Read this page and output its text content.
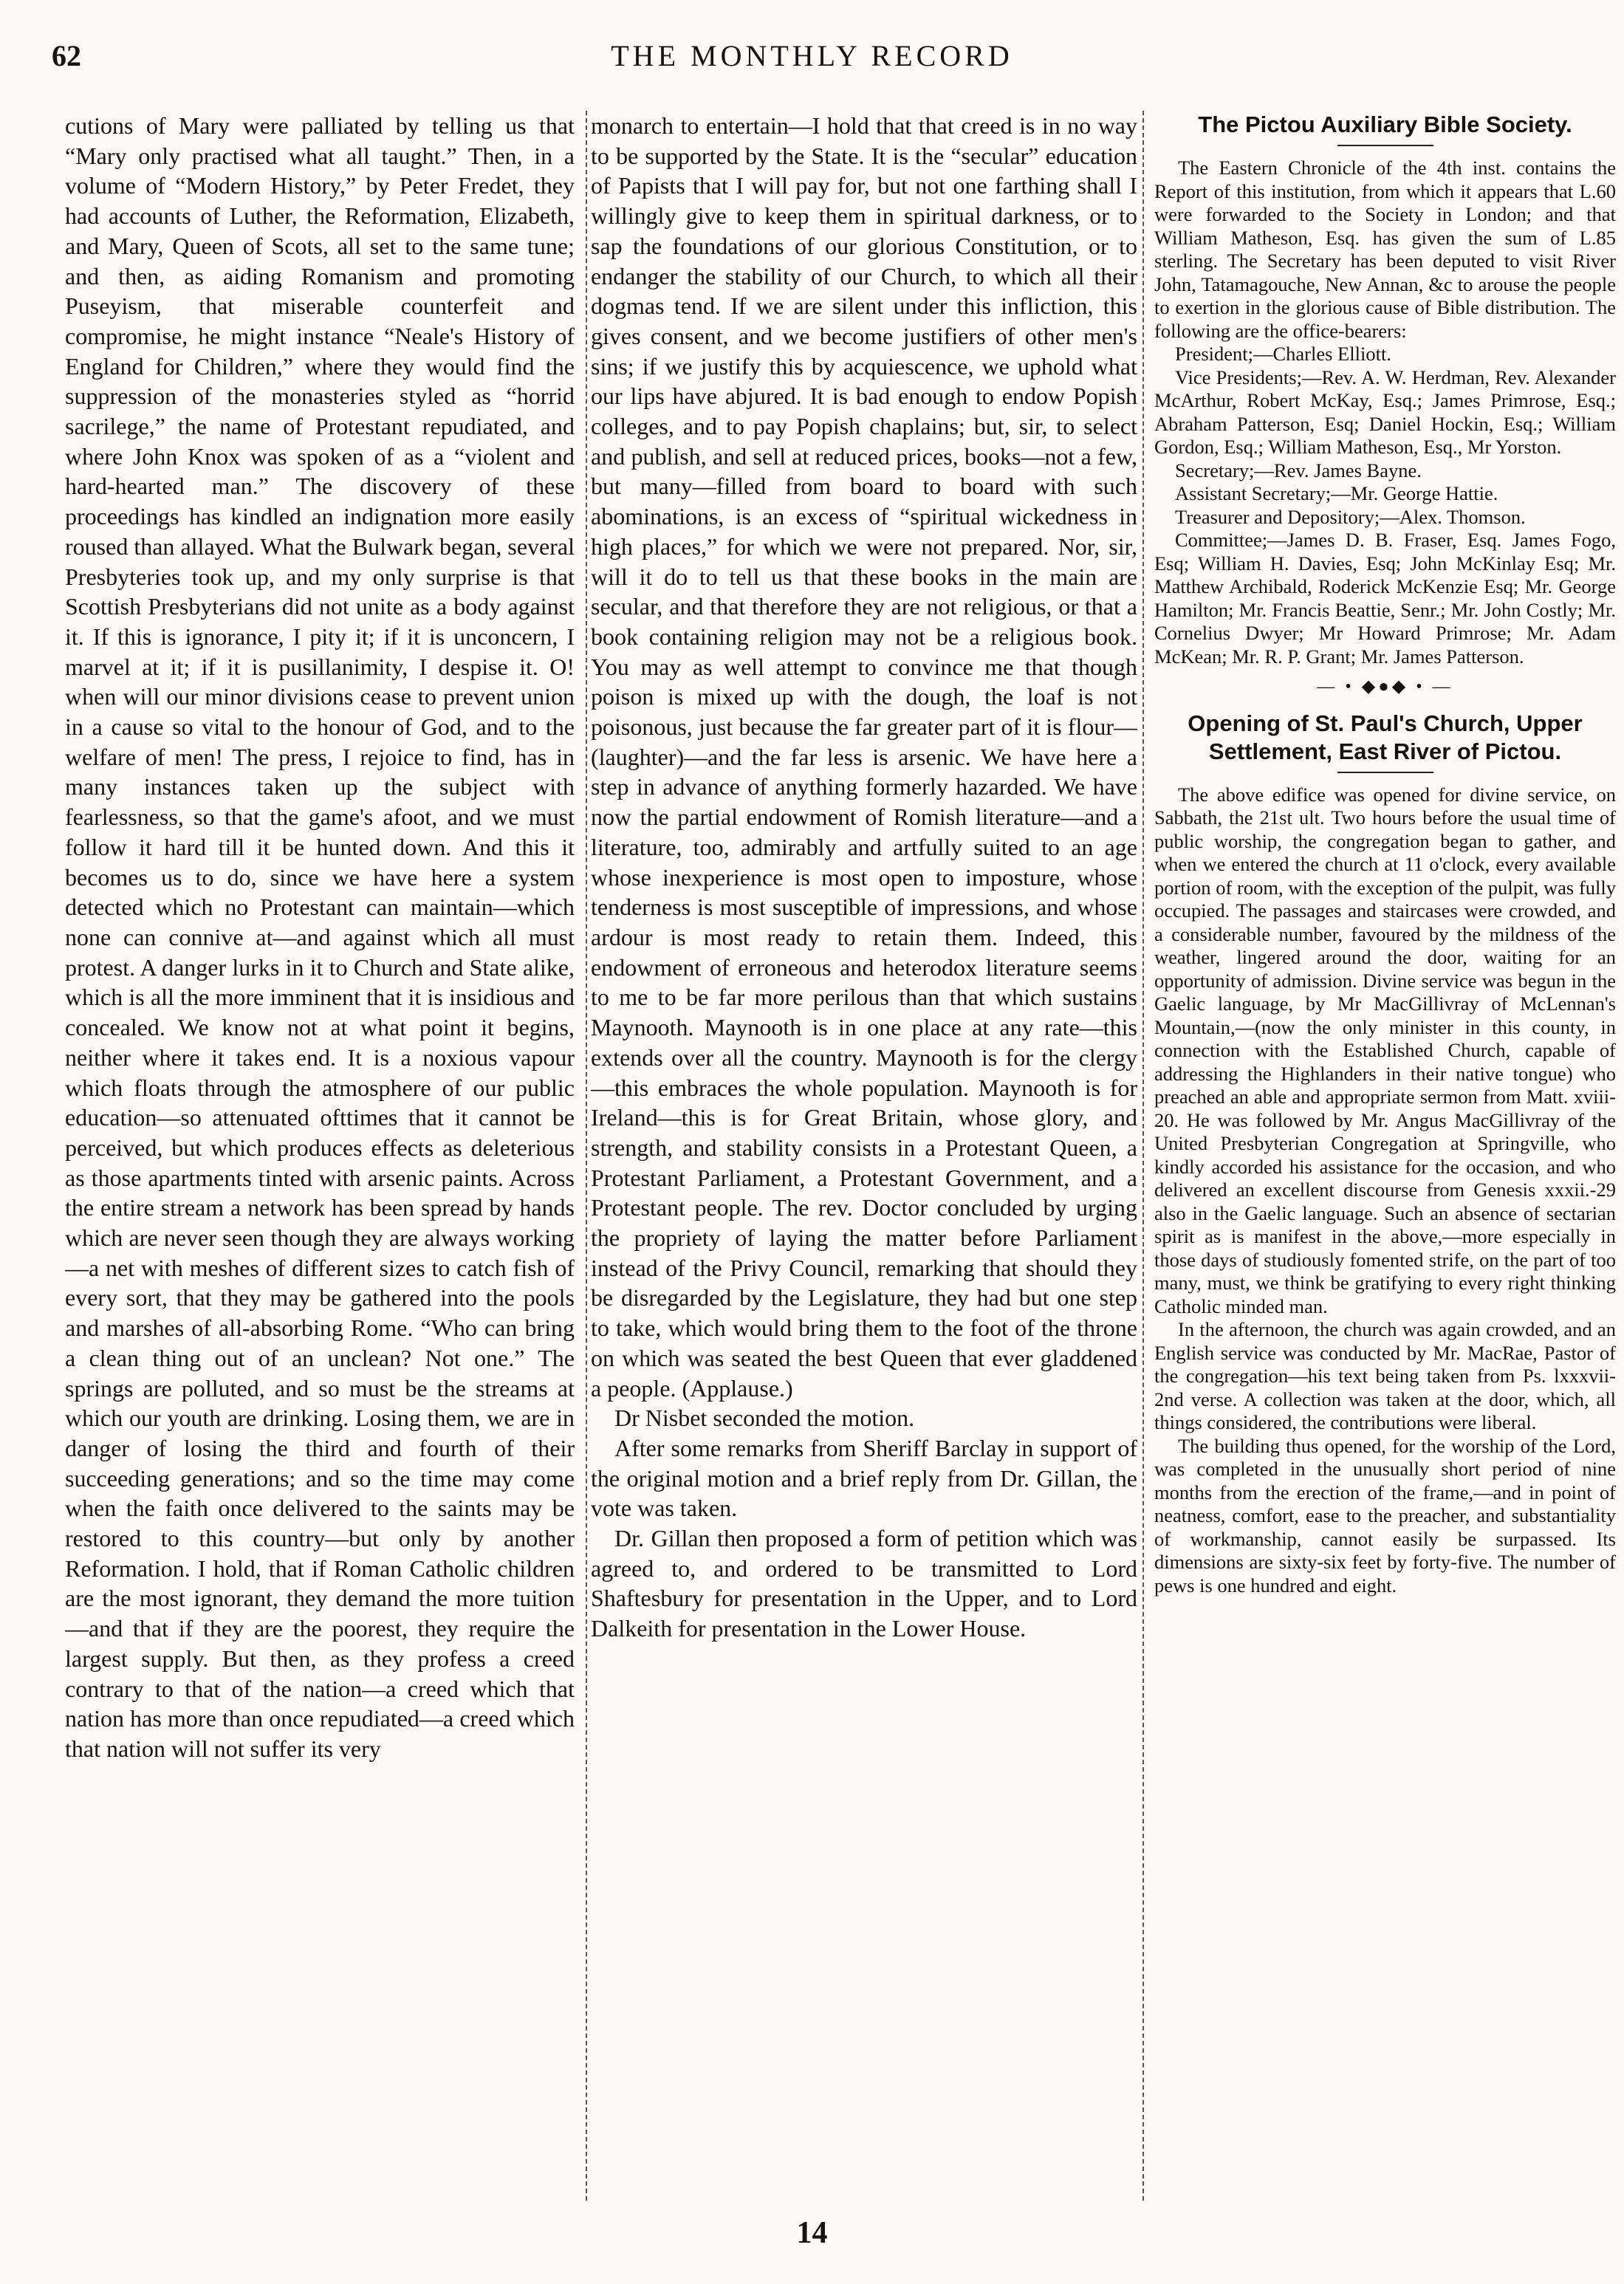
62	THE MONTHLY RECORD

cutions of Mary were palliated by telling us that “Mary only practised what all taught.” Then, in a volume of “Modern History,” by Peter Fredet, they had accounts of Luther, the Reformation, Elizabeth, and Mary, Queen of Scots, all set to the same tune; and then, as aiding Romanism and promoting Puseyism, that miserable counterfeit and compromise, he might instance “Neale's History of England for Children,” where they would find the suppression of the monasteries styled as “horrid sacrilege,” the name of Protestant repudiated, and where John Knox was spoken of as a “violent and hard-hearted man.” The discovery of these proceedings has kindled an indignation more easily roused than allayed. What the Bulwark began, several Presbyteries took up, and my only surprise is that Scottish Presbyterians did not unite as a body against it. If this is ignorance, I pity it; if it is unconcern, I marvel at it; if it is pusillanimity, I despise it. O! when will our minor divisions cease to prevent union in a cause so vital to the honour of God, and to the welfare of men! The press, I rejoice to find, has in many instances taken up the subject with fearlessness, so that the game's afoot, and we must follow it hard till it be hunted down. And this it becomes us to do, since we have here a system detected which no Protestant can maintain—which none can connive at—and against which all must protest. A danger lurks in it to Church and State alike, which is all the more imminent that it is insidious and concealed. We know not at what point it begins, neither where it takes end. It is a noxious vapour which floats through the atmosphere of our public education—so attenuated ofttimes that it cannot be perceived, but which produces effects as deleterious as those apartments tinted with arsenic paints. Across the entire stream a network has been spread by hands which are never seen though they are always working—a net with meshes of different sizes to catch fish of every sort, that they may be gathered into the pools and marshes of all-absorbing Rome. “Who can bring a clean thing out of an unclean? Not one.” The springs are polluted, and so must be the streams at which our youth are drinking. Losing them, we are in danger of losing the third and fourth of their succeeding generations; and so the time may come when the faith once delivered to the saints may be restored to this country—but only by another Reformation. I hold, that if Roman Catholic children are the most ignorant, they demand the more tuition—and that if they are the poorest, they require the largest supply. But then, as they profess a creed contrary to that of the nation—a creed which that nation has more than once repudiated—a creed which that nation will not suffer its very

monarch to entertain—I hold that that creed is in no way to be supported by the State. It is the “secular” education of Papists that I will pay for, but not one farthing shall I willingly give to keep them in spiritual darkness, or to sap the foundations of our glorious Constitution, or to endanger the stability of our Church, to which all their dogmas tend. If we are silent under this infliction, this gives consent, and we become justifiers of other men's sins; if we justify this by acquiescence, we uphold what our lips have abjured. It is bad enough to endow Popish colleges, and to pay Popish chaplains; but, sir, to select and publish, and sell at reduced prices, books—not a few, but many—filled from board to board with such abominations, is an excess of “spiritual wickedness in high places,” for which we were not prepared. Nor, sir, will it do to tell us that these books in the main are secular, and that therefore they are not religious, or that a book containing religion may not be a religious book. You may as well attempt to convince me that though poison is mixed up with the dough, the loaf is not poisonous, just because the far greater part of it is flour—(laughter)—and the far less is arsenic. We have here a step in advance of anything formerly hazarded. We have now the partial endowment of Romish literature—and a literature, too, admirably and artfully suited to an age whose inexperience is most open to imposture, whose tenderness is most susceptible of impressions, and whose ardour is most ready to retain them. Indeed, this endowment of erroneous and heterodox literature seems to me to be far more perilous than that which sustains Maynooth. Maynooth is in one place at any rate—this extends over all the country. Maynooth is for the clergy—this embraces the whole population. Maynooth is for Ireland—this is for Great Britain, whose glory, and strength, and stability consists in a Protestant Queen, a Protestant Parliament, a Protestant Government, and a Protestant people. The rev. Doctor concluded by urging the propriety of laying the matter before Parliament instead of the Privy Council, remarking that should they be disregarded by the Legislature, they had but one step to take, which would bring them to the foot of the throne on which was seated the best Queen that ever gladdened a people. (Applause.)

Dr Nisbet seconded the motion.

After some remarks from Sheriff Barclay in support of the original motion and a brief reply from Dr. Gillan, the vote was taken.

Dr. Gillan then proposed a form of petition which was agreed to, and ordered to be transmitted to Lord Shaftesbury for presentation in the Upper, and to Lord Dalkeith for presentation in the Lower House.

The Pictou Auxiliary Bible Society.

The Eastern Chronicle of the 4th inst. contains the Report of this institution, from which it appears that L.60 were forwarded to the Society in London; and that William Matheson, Esq. has given the sum of L.85 sterling. The Secretary has been deputed to visit River John, Tatamagouche, New Annan, &c to arouse the people to exertion in the glorious cause of Bible distribution. The following are the office-bearers:

President;—Charles Elliott.

Vice Presidents;—Rev. A. W. Herdman, Rev. Alexander McArthur, Robert McKay, Esq.; James Primrose, Esq.; Abraham Patterson, Esq; Daniel Hockin, Esq.; William Gordon, Esq.; William Matheson, Esq., Mr Yorston.

Secretary;—Rev. James Bayne.

Assistant Secretary;—Mr. George Hattie.

Treasurer and Depository;—Alex. Thomson.

Committee;—James D. B. Fraser, Esq. James Fogo, Esq; William H. Davies, Esq; John McKinlay Esq; Mr. Matthew Archibald, Roderick McKenzie Esq; Mr. George Hamilton; Mr. Francis Beattie, Senr.; Mr. John Costly; Mr. Cornelius Dwyer; Mr Howard Primrose; Mr. Adam McKean; Mr. R. P. Grant; Mr. James Patterson.

— • ◆●◆ • —
Opening of St. Paul's Church, Upper Settlement, East River of Pictou.

The above edifice was opened for divine service, on Sabbath, the 21st ult. Two hours before the usual time of public worship, the congregation began to gather, and when we entered the church at 11 o'clock, every available portion of room, with the exception of the pulpit, was fully occupied. The passages and staircases were crowded, and a considerable number, favoured by the mildness of the weather, lingered around the door, waiting for an opportunity of admission. Divine service was begun in the Gaelic language, by Mr MacGillivray of McLennan's Mountain,—(now the only minister in this county, in connection with the Established Church, capable of addressing the Highlanders in their native tongue) who preached an able and appropriate sermon from Matt. xviii-20. He was followed by Mr. Angus MacGillivray of the United Presbyterian Congregation at Springville, who kindly accorded his assistance for the occasion, and who delivered an excellent discourse from Genesis xxxii.-29 also in the Gaelic language. Such an absence of sectarian spirit as is manifest in the above,—more especially in those days of studiously fomented strife, on the part of too many, must, we think be gratifying to every right thinking Catholic minded man.

In the afternoon, the church was again crowded, and an English service was conducted by Mr. MacRae, Pastor of the congregation—his text being taken from Ps. lxxxvii-2nd verse. A collection was taken at the door, which, all things considered, the contributions were liberal.

The building thus opened, for the worship of the Lord, was completed in the unusually short period of nine months from the erection of the frame,—and in point of neatness, comfort, ease to the preacher, and substantiality of workmanship, cannot easily be surpassed. Its dimensions are sixty-six feet by forty-five. The number of pews is one hundred and eight.

14
